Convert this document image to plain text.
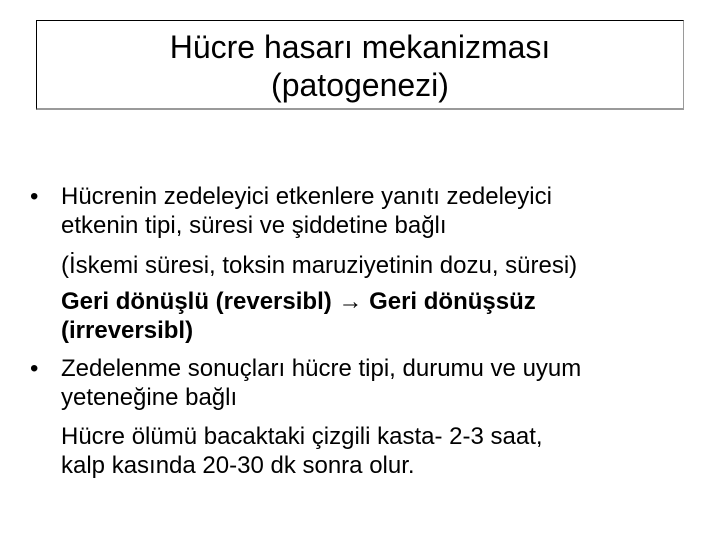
Hücre hasarı mekanizması
(patogenezi)
• Hücrenin zedeleyici etkenlere yanıtı zedeleyici
etkenin tipi, süresi ve şiddetine bağlı
(İskemi süresi, toksin maruziyetinin dozu, süresi)
Geri dönüşlü (reversibl) → Geri dönüşsüz
(irreversibl)
• Zedelenme sonuçları hücre tipi, durumu ve uyum
yeteneğine bağlı
Hücre ölümü bacaktaki çizgili kasta- 2-3 saat,
kalp kasında 20-30 dk sonra olur.
